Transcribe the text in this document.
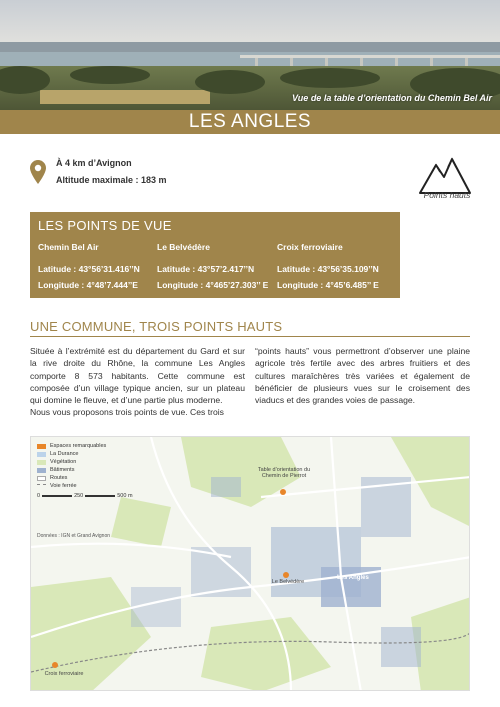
Vue de la table d’orientation du Chemin Bel Air
LES ANGLES
À 4 km d’Avignon
Altitude maximale : 183 m
Points hauts
LES POINTS DE VUE
Chemin Bel Air
Latitude : 43°56’31.416’’N
Longitude : 4°48’7.444’’E
Le Belvédère
Latitude : 43°57’2.417’’N
Longitude : 4°465’27.303’’ E
Croix ferroviaire
Latitude : 43°56’35.109’’N
Longitude : 4°45’6.485’’ E
UNE COMMUNE, TROIS POINTS HAUTS

Située à l’extrémité est du département du Gard et sur la rive droite du Rhône, la commune Les Angles comporte 8 573 habitants. Cette commune est composée d’un village typique ancien, sur un plateau qui domine le fleuve, et d’une partie plus moderne.

Nous vous proposons trois points de vue. Ces trois

“points hauts” vous permettront d’observer une plaine agricole très fertile avec des arbres fruitiers et des cultures maraîchères très variées et également de bénéficier de plusieurs vues sur le croisement des viaducs et des grandes voies de passage.

Espaces remarquables
La Durance
Végétation
Bâtiments
Routes
Voie ferrée
0	250	500 m
Données : IGN et Grand Avignon
Table d’orientation du Chemin de Pierrot
Le Belvédère
Les Angles
Croix ferroviaire
